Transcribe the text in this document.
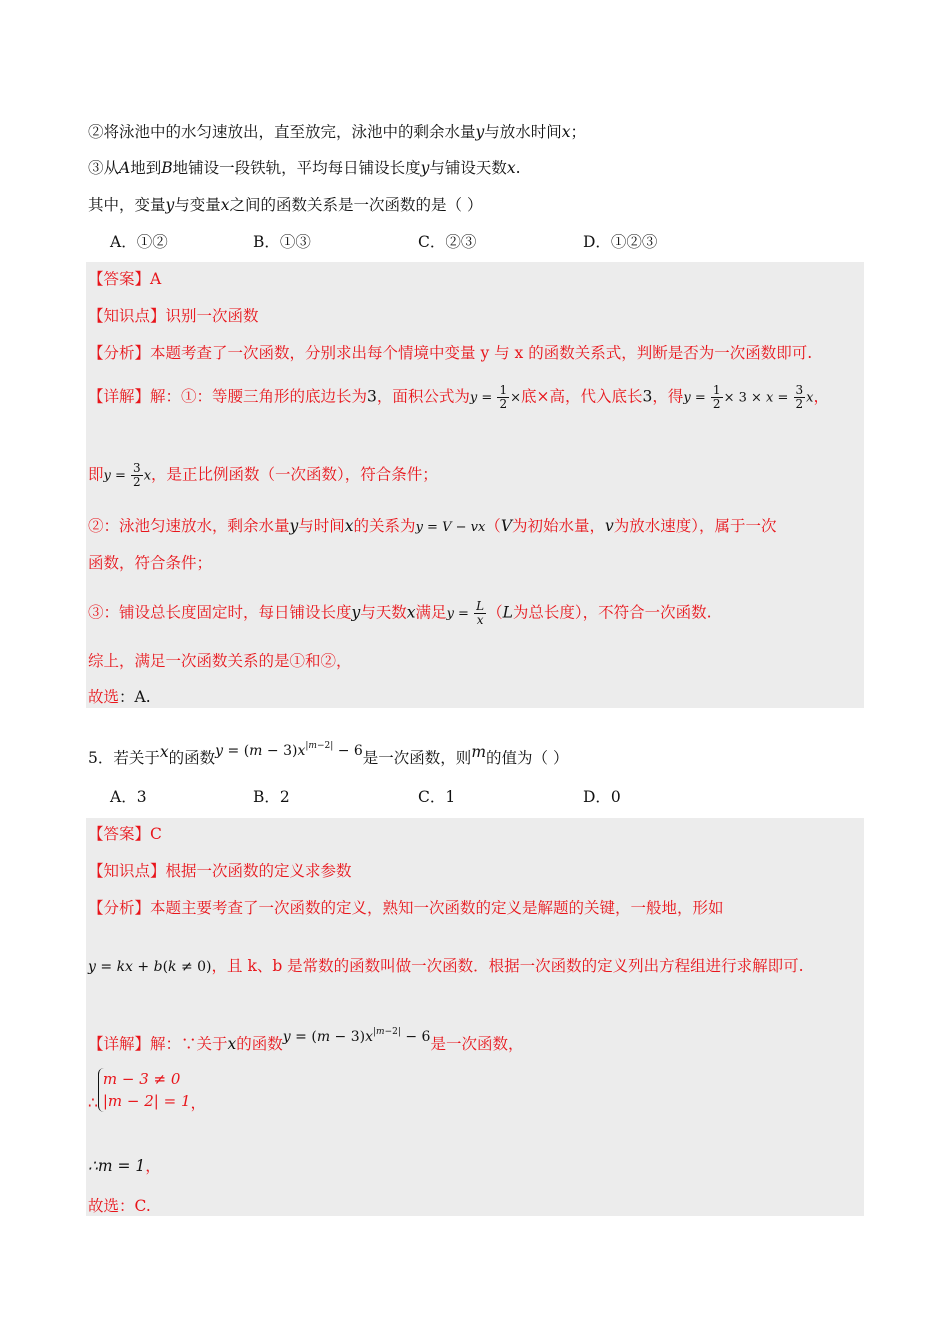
②将泳池中的水匀速放出，直至放完，泳池中的剩余水量y与放水时间x；
③从A地到B地铺设一段铁轨，平均每日铺设长度y与铺设天数x.
其中，变量y与变量x之间的函数关系是一次函数的是（ ）
A．①②	B．①③	C．②③	D．①②③
【答案】A
【知识点】识别一次函数
【分析】本题考查了一次函数，分别求出每个情境中变量 y 与 x 的函数关系式，判断是否为一次函数即可.
【详解】解：①：等腰三角形的底边长为3，面积公式为$y = \frac{1}{2}$ ×底×高，代入底长3，得$y = \frac{1}{2} \times 3 \times x = \frac{3}{2}$ x，
即$y = \frac{3}{2}$ x，是正比例函数（一次函数），符合条件；
②：泳池匀速放水，剩余水量y与时间x的关系为y = V − vx（V为初始水量，v为放水速度），属于一次
函数，符合条件；
③：铺设总长度固定时，每日铺设长度y与天数x满足$y = \frac{L}{x} (L$为总长度），不符合一次函数.
综上，满足一次函数关系的是①和②，
故选：A.
5．若关于x的函数$y = (m - 3)x^{|m-2|} - 6$是一次函数，则m的值为（ ）
A．3	B．2	C．1	D．0
【答案】C
【知识点】根据一次函数的定义求参数
【分析】本题主要考查了一次函数的定义，熟知一次函数的定义是解题的关键，一般地，形如
y = kx + b(k ≠ 0)，且 k、b 是常数的函数叫做一次函数．根据一次函数的定义列出方程组进行求解即可.
【详解】解：∵关于x的函数$y = (m - 3)x^{|m-2|} - 6$是一次函数，
∴
m − 3 ≠ 0
|m − 2| = 1 ，
∴m = 1，
故选：C.
